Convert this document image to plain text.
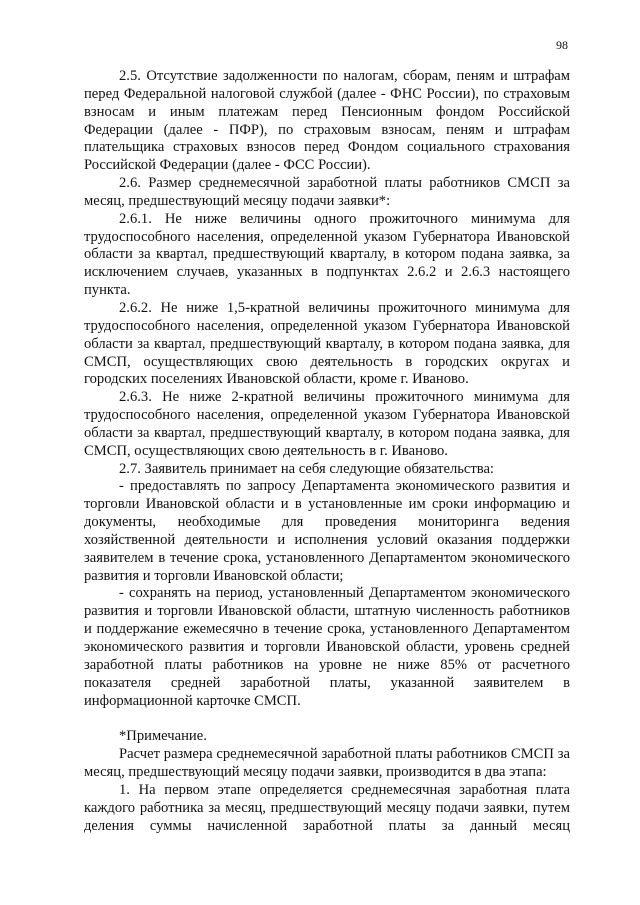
98

2.5. Отсутствие задолженности по налогам, сборам, пеням и штрафам перед Федеральной налоговой службой (далее - ФНС России), по страховым взносам и иным платежам перед Пенсионным фондом Российской Федерации (далее - ПФР), по страховым взносам, пеням и штрафам плательщика страховых взносов перед Фондом социального страхования Российской Федерации (далее - ФСС России).

2.6. Размер среднемесячной заработной платы работников СМСП за месяц, предшествующий месяцу подачи заявки*:

2.6.1. Не ниже величины одного прожиточного минимума для трудоспособного населения, определенной указом Губернатора Ивановской области за квартал, предшествующий кварталу, в котором подана заявка, за исключением случаев, указанных в подпунктах 2.6.2 и 2.6.3 настоящего пункта.

2.6.2. Не ниже 1,5-кратной величины прожиточного минимума для трудоспособного населения, определенной указом Губернатора Ивановской области за квартал, предшествующий кварталу, в котором подана заявка, для СМСП, осуществляющих свою деятельность в городских округах и городских поселениях Ивановской области, кроме г. Иваново.

2.6.3. Не ниже 2-кратной величины прожиточного минимума для трудоспособного населения, определенной указом Губернатора Ивановской области за квартал, предшествующий кварталу, в котором подана заявка, для СМСП, осуществляющих свою деятельность в г. Иваново.

2.7. Заявитель принимает на себя следующие обязательства:

- предоставлять по запросу Департамента экономического развития и торговли Ивановской области и в установленные им сроки информацию и документы, необходимые для проведения мониторинга ведения хозяйственной деятельности и исполнения условий оказания поддержки заявителем в течение срока, установленного Департаментом экономического развития и торговли Ивановской области;

- сохранять на период, установленный Департаментом экономического развития и торговли Ивановской области, штатную численность работников и поддержание ежемесячно в течение срока, установленного Департаментом экономического развития и торговли Ивановской области, уровень средней заработной платы работников на уровне не ниже 85% от расчетного показателя средней заработной платы, указанной заявителем в информационной карточке СМСП.

*Примечание.

Расчет размера среднемесячной заработной платы работников СМСП за месяц, предшествующий месяцу подачи заявки, производится в два этапа:

1. На первом этапе определяется среднемесячная заработная плата каждого работника за месяц, предшествующий месяцу подачи заявки, путем деления суммы начисленной заработной платы за данный месяц
